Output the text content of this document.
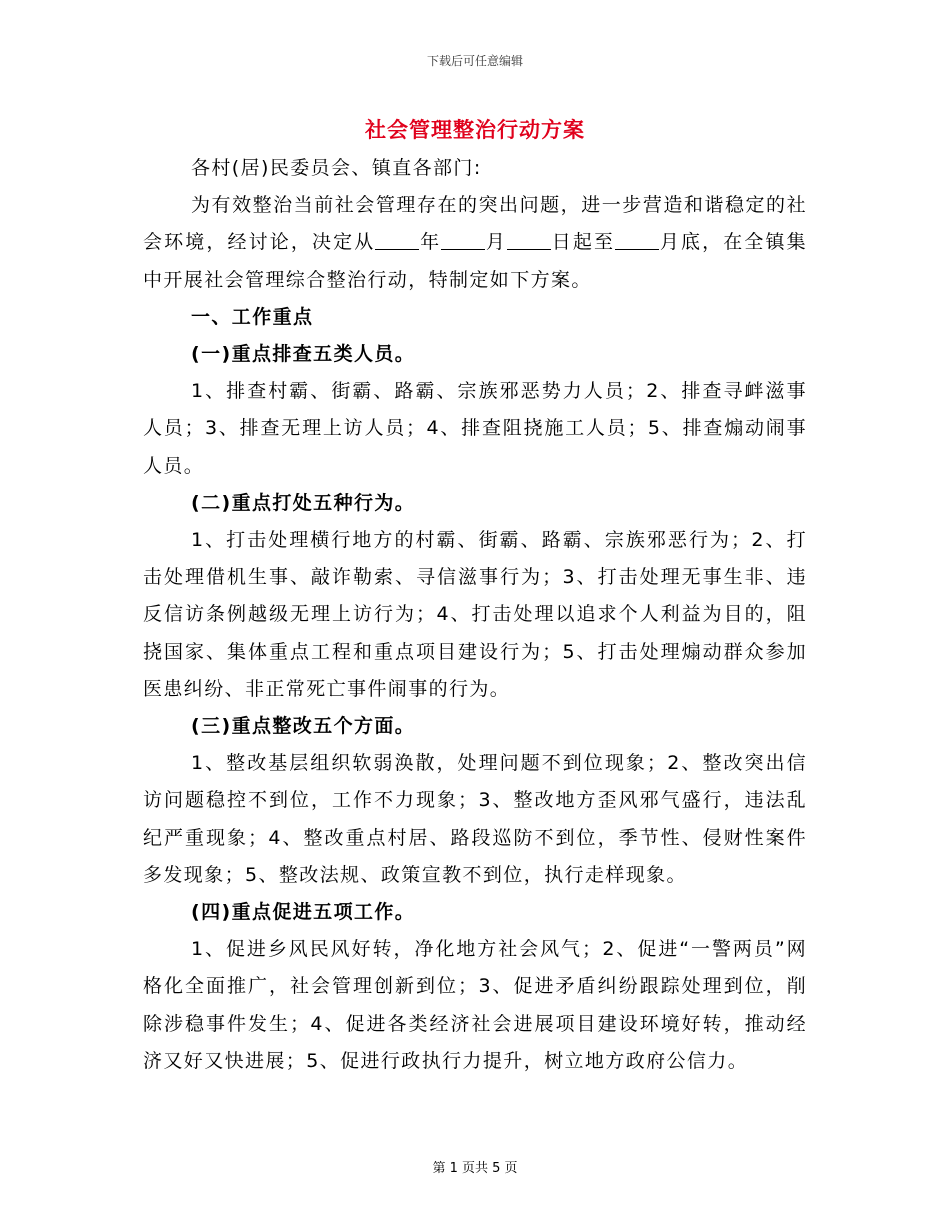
下载后可任意编辑
社会管理整治行动方案

各村(居)民委员会、镇直各部门:

为有效整治当前社会管理存在的突出问题，进一步营造和谐稳定的社会环境，经讨论，决定从 年 月 日起至 月底，在全镇集中开展社会管理综合整治行动，特制定如下方案。

一、工作重点

(一)重点排查五类人员。

1、排查村霸、街霸、路霸、宗族邪恶势力人员；2、排查寻衅滋事人员；3、排查无理上访人员；4、排查阻挠施工人员；5、排查煽动闹事人员。

(二)重点打处五种行为。

1、打击处理横行地方的村霸、街霸、路霸、宗族邪恶行为；2、打击处理借机生事、敲诈勒索、寻信滋事行为；3、打击处理无事生非、违反信访条例越级无理上访行为；4、打击处理以追求个人利益为目的，阻挠国家、集体重点工程和重点项目建设行为；5、打击处理煽动群众参加医患纠纷、非正常死亡事件闹事的行为。

(三)重点整改五个方面。

1、整改基层组织软弱涣散，处理问题不到位现象；2、整改突出信访问题稳控不到位，工作不力现象；3、整改地方歪风邪气盛行，违法乱纪严重现象；4、整改重点村居、路段巡防不到位，季节性、侵财性案件多发现象；5、整改法规、政策宣教不到位，执行走样现象。

(四)重点促进五项工作。

1、促进乡风民风好转，净化地方社会风气；2、促进“一警两员”网格化全面推广，社会管理创新到位；3、促进矛盾纠纷跟踪处理到位，削除涉稳事件发生；4、促进各类经济社会进展项目建设环境好转，推动经济又好又快进展；5、促进行政执行力提升，树立地方政府公信力。

第 1 页共 5 页
